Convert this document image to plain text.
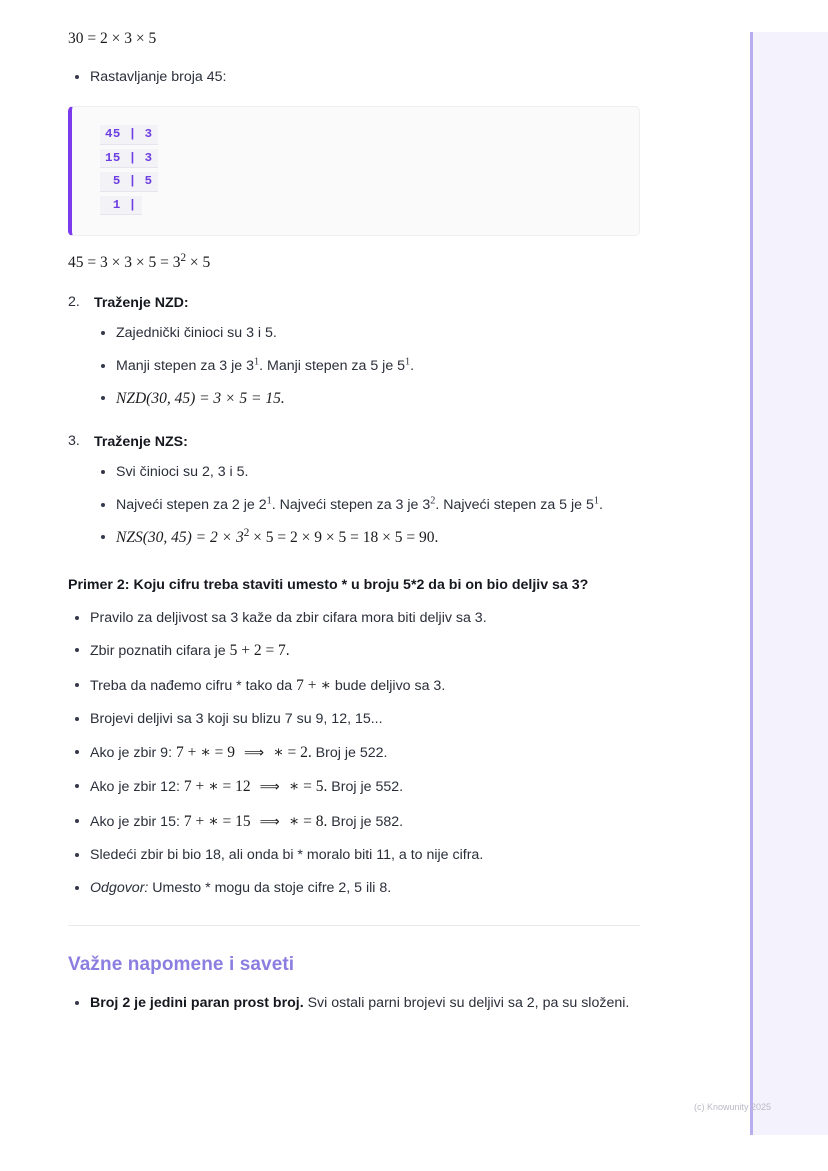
30 = 2 × 3 × 5
Rastavljanje broja 45:
45 | 3
15 | 3
5 | 5
1 |
$45 = 3 \times 3 \times 5 = 3^2 \times 5$
2. Traženje NZD:
Zajednički činioci su 3 i 5.
Manji stepen za 3 je $3^1$. Manji stepen za 5 je $5^1$.
NZD(30, 45) = 3 × 5 = 15.
3. Traženje NZS:
Svi činioci su 2, 3 i 5.
Najveći stepen za 2 je $2^1$. Najveći stepen za 3 je $3^2$. Najveći stepen za 5 je $5^1$.
NZS(30, $45) = 2 \times 3^2 \times 5 = 2 \times 9 \times 5 = 18 \times 5 = 90$.
Primer 2: Koju cifru treba staviti umesto * u broju 5*2 da bi on bio deljiv sa 3?
Pravilo za deljivost sa 3 kaže da zbir cifara mora biti deljiv sa 3.
Zbir poznatih cifara je 5 + 2 = 7.
Treba da nađemo cifru * tako da 7 + ∗ bude deljivo sa 3.
Brojevi deljivi sa 3 koji su blizu 7 su 9, 12, 15...
Ako je zbir 9: 7 + ∗ = 9 ⟹ ∗ = 2. Broj je 522.
Ako je zbir 12: 7 + ∗ = 12 ⟹ ∗ = 5. Broj je 552.
Ako je zbir 15: 7 + ∗ = 15 ⟹ ∗ = 8. Broj je 582.
Sledeći zbir bi bio 18, ali onda bi * moralo biti 11, a to nije cifra.
Odgovor: Umesto * mogu da stoje cifre 2, 5 ili 8.
Važne napomene i saveti
Broj 2 je jedini paran prost broj. Svi ostali parni brojevi su deljivi sa 2, pa su složeni.
(c) Knowunity 2025
